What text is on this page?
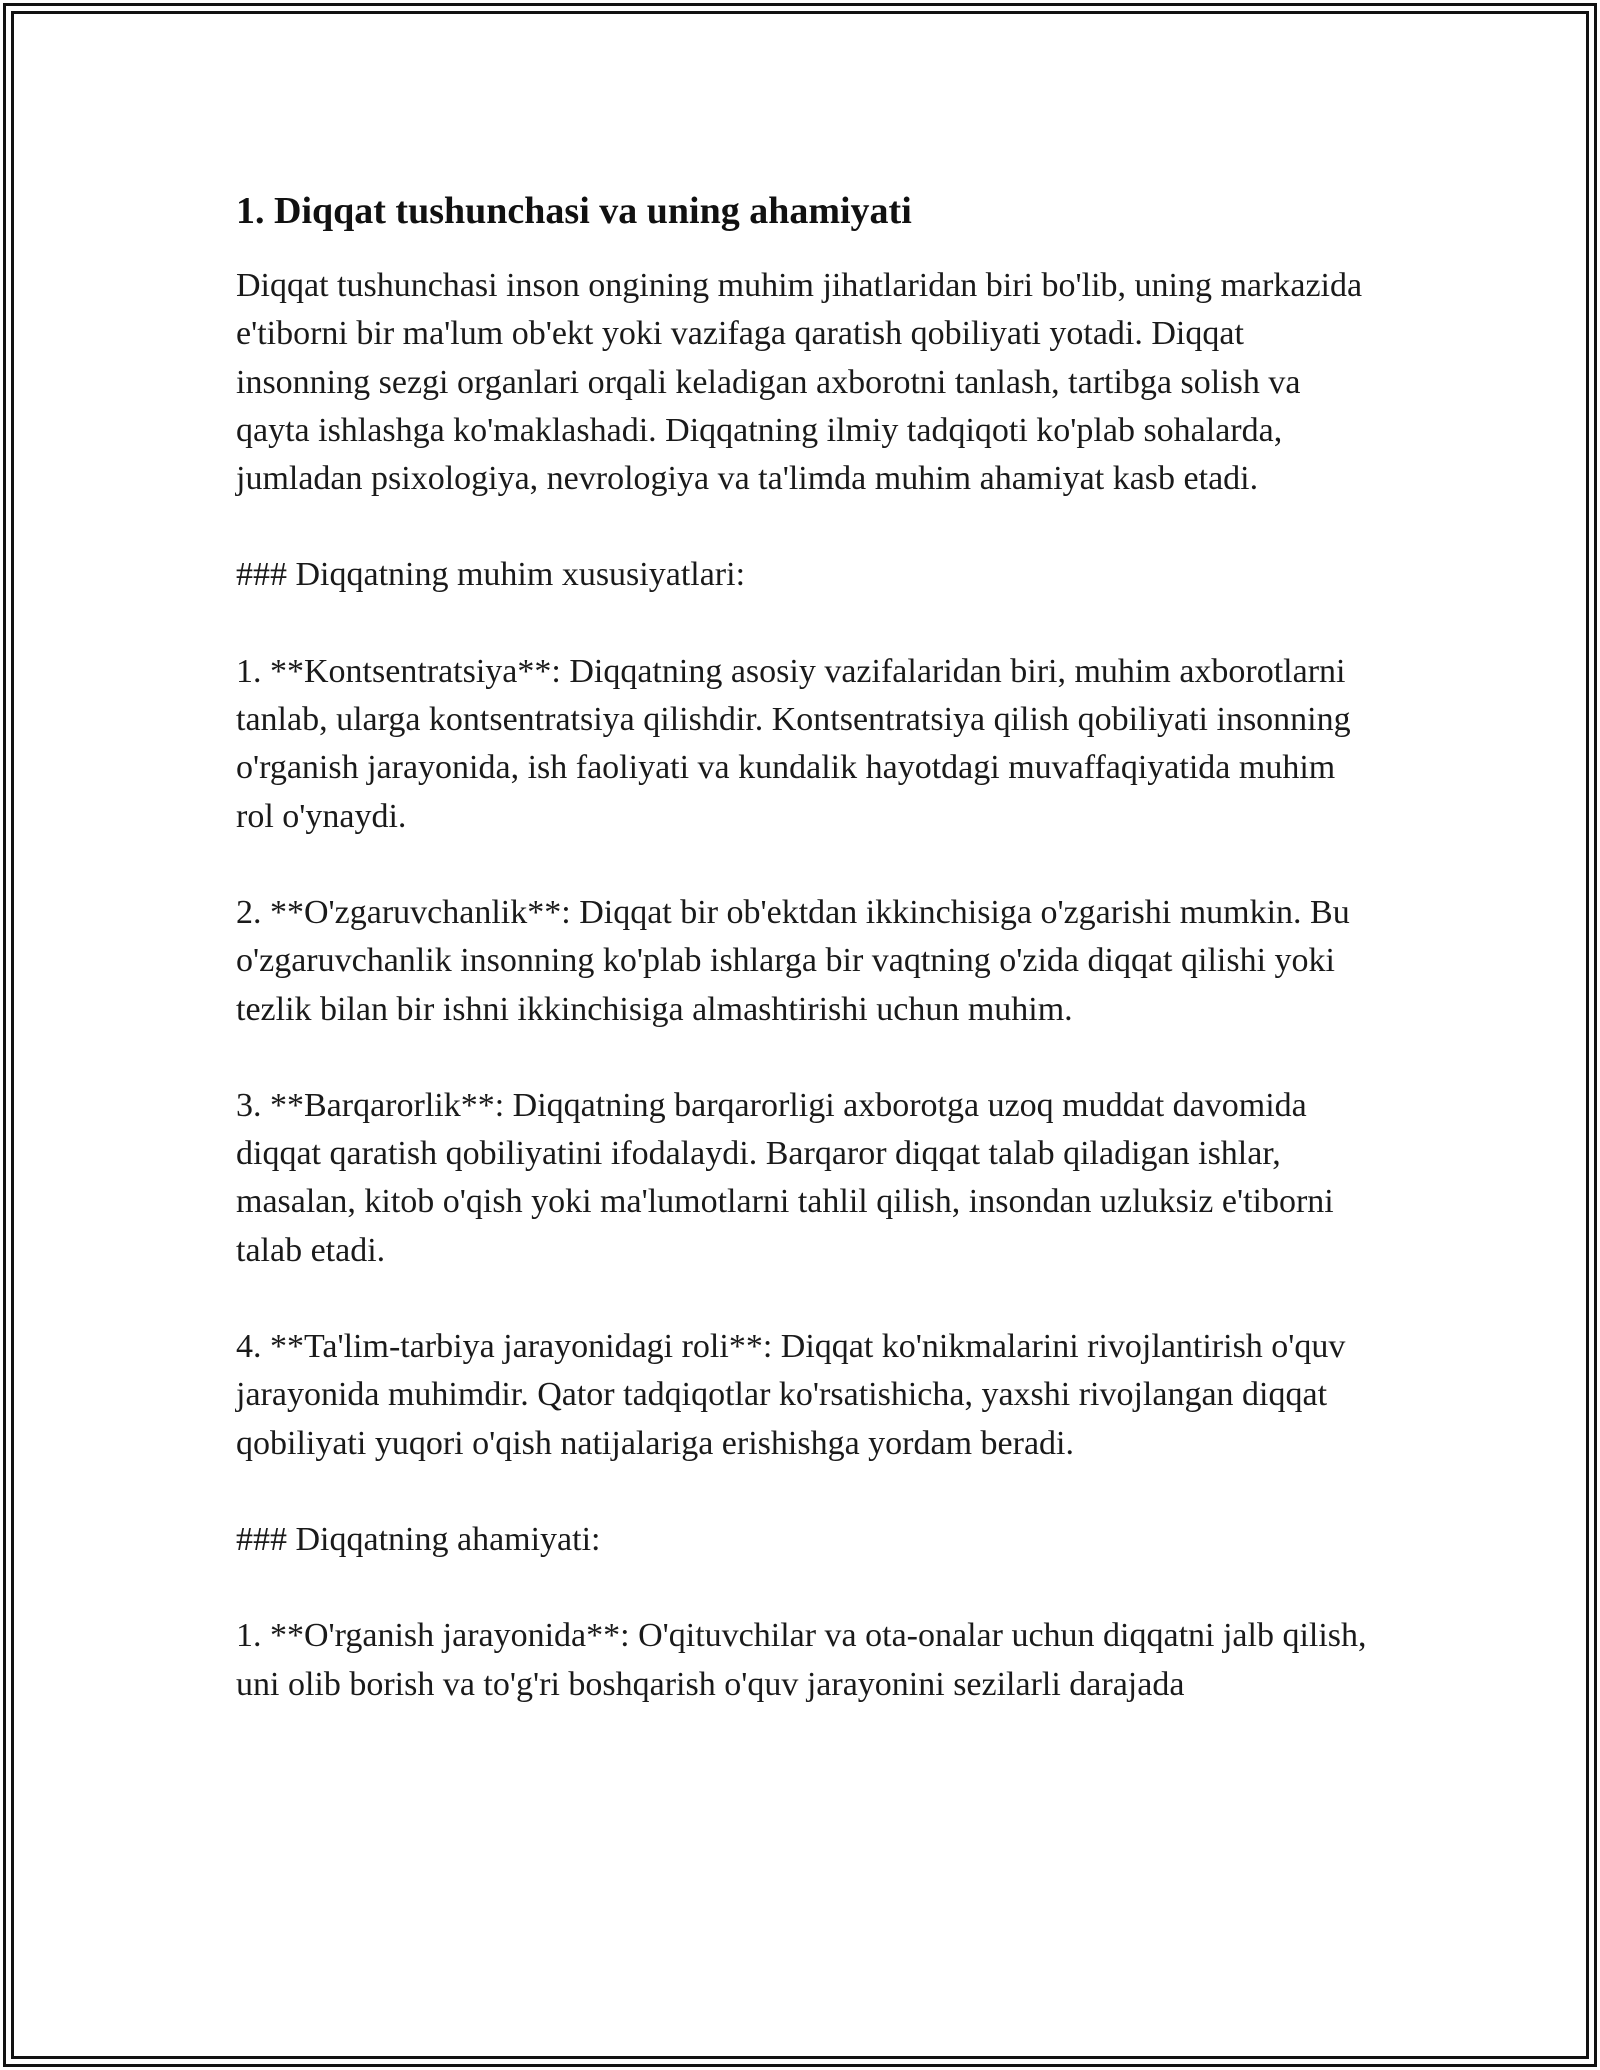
1. Diqqat tushunchasi va uning ahamiyati

Diqqat tushunchasi inson ongining muhim jihatlaridan biri bo'lib, uning markazida e'tiborni bir ma'lum ob'ekt yoki vazifaga qaratish qobiliyati yotadi. Diqqat insonning sezgi organlari orqali keladigan axborotni tanlash, tartibga solish va qayta ishlashga ko'maklashadi. Diqqatning ilmiy tadqiqoti ko'plab sohalarda, jumladan psixologiya, nevrologiya va ta'limda muhim ahamiyat kasb etadi.

### Diqqatning muhim xususiyatlari:

1. **Kontsentratsiya**: Diqqatning asosiy vazifalaridan biri, muhim axborotlarni tanlab, ularga kontsentratsiya qilishdir. Kontsentratsiya qilish qobiliyati insonning o'rganish jarayonida, ish faoliyati va kundalik hayotdagi muvaffaqiyatida muhim rol o'ynaydi.

2. **O'zgaruvchanlik**: Diqqat bir ob'ektdan ikkinchisiga o'zgarishi mumkin. Bu o'zgaruvchanlik insonning ko'plab ishlarga bir vaqtning o'zida diqqat qilishi yoki tezlik bilan bir ishni ikkinchisiga almashtirishi uchun muhim.

3. **Barqarorlik**: Diqqatning barqarorligi axborotga uzoq muddat davomida diqqat qaratish qobiliyatini ifodalaydi. Barqaror diqqat talab qiladigan ishlar, masalan, kitob o'qish yoki ma'lumotlarni tahlil qilish, insondan uzluksiz e'tiborni talab etadi.

4. **Ta'lim-tarbiya jarayonidagi roli**: Diqqat ko'nikmalarini rivojlantirish o'quv jarayonida muhimdir. Qator tadqiqotlar ko'rsatishicha, yaxshi rivojlangan diqqat qobiliyati yuqori o'qish natijalariga erishishga yordam beradi.

### Diqqatning ahamiyati:

1. **O'rganish jarayonida**: O'qituvchilar va ota-onalar uchun diqqatni jalb qilish, uni olib borish va to'g'ri boshqarish o'quv jarayonini sezilarli darajada
